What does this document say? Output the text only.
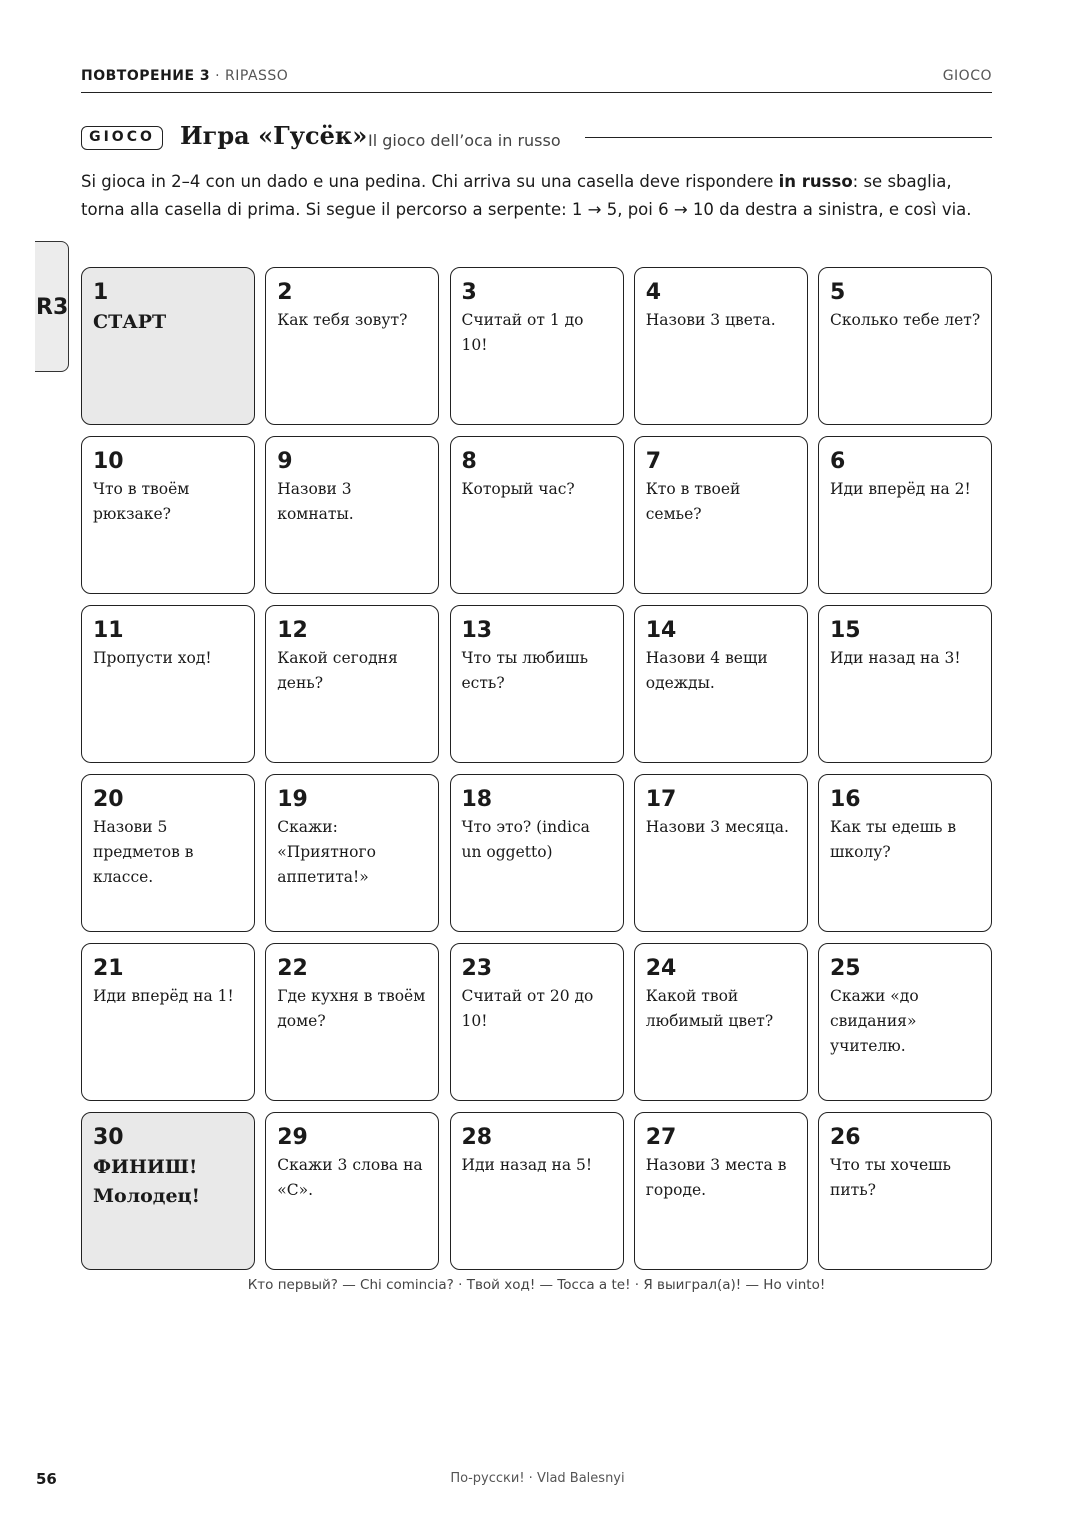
ПОВТОРЕНИЕ 3 · RIPASSO	GIOCO
GIOCO	Игра «Гусёк» Il gioco dell’oca in russo
Si gioca in 2–4 con un dado e una pedina. Chi arriva su una casella deve rispondere in russo: se sbaglia, torna alla casella di prima. Si segue il percorso a serpente: 1 → 5, poi 6 → 10 da destra a sinistra, e così via.
R3
1
СТАРТ
2
Как тебя зовут?
3
Считай от 1 до 10!
4
Назови 3 цвета.
5
Сколько тебе лет?
10
Что в твоём рюкзаке?
9
Назови 3 комнаты.
8
Который час?
7
Кто в твоей семье?
6
Иди вперёд на 2!
11
Пропусти ход!
12
Какой сегодня день?
13
Что ты любишь есть?
14
Назови 4 вещи одежды.
15
Иди назад на 3!
20
Назови 5 предметов в классе.
19
Скажи: «Приятного аппетита!»
18
Что это? (indica un oggetto)
17
Назови 3 месяца.
16
Как ты едешь в школу?
21
Иди вперёд на 1!
22
Где кухня в твоём доме?
23
Считай от 20 до 10!
24
Какой твой любимый цвет?
25
Скажи «до свидания» учителю.
30
ФИНИШ! Молодец!
29
Скажи 3 слова на «С».
28
Иди назад на 5!
27
Назови 3 места в городе.
26
Что ты хочешь пить?
Кто первый? — Chi comincia? · Твой ход! — Tocca a te! · Я выиграл(а)! — Ho vinto!
56	По-русски! · Vlad Balesnyi
